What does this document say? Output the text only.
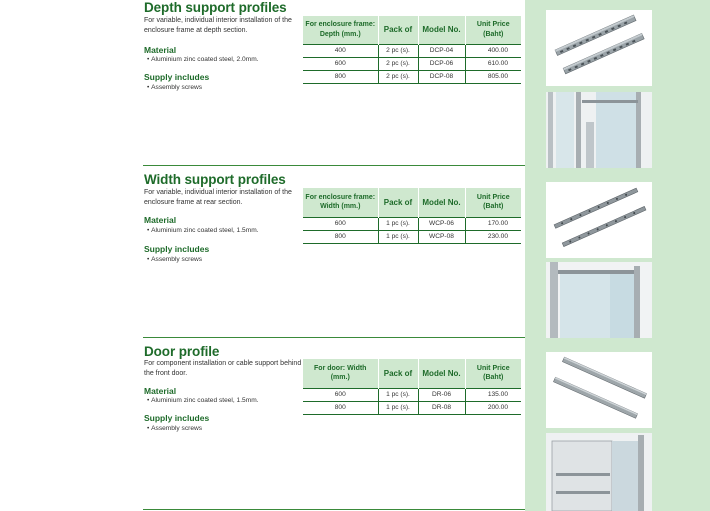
Depth support profiles
For variable, individual interior installation of the enclosure frame at depth section.
Material
• Aluminium zinc coated steel, 2.0mm.
Supply includes
• Assembly screws
For enclosure frame: Depth (mm.)	Pack of	Model No.	Unit Price (Baht)
400	2 pc (s).	DCP-04	400.00
600	2 pc (s).	DCP-06	610.00
800	2 pc (s).	DCP-08	805.00
Width support profiles
For variable, individual interior installation of the enclosure frame at rear section.
Material
• Aluminium zinc coated steel, 1.5mm.
Supply includes
• Assembly screws
For enclosure frame: Width (mm.)	Pack of	Model No.	Unit Price (Baht)
600	1 pc (s).	WCP-06	170.00
800	1 pc (s).	WCP-08	230.00
Door profile
For component installation or cable support behind the front door.
Material
• Aluminium zinc coated steel, 1.5mm.
Supply includes
• Assembly screws
For door: Width (mm.)	Pack of	Model No.	Unit Price (Baht)
600	1 pc (s).	DR-06	135.00
800	1 pc (s).	DR-08	200.00
